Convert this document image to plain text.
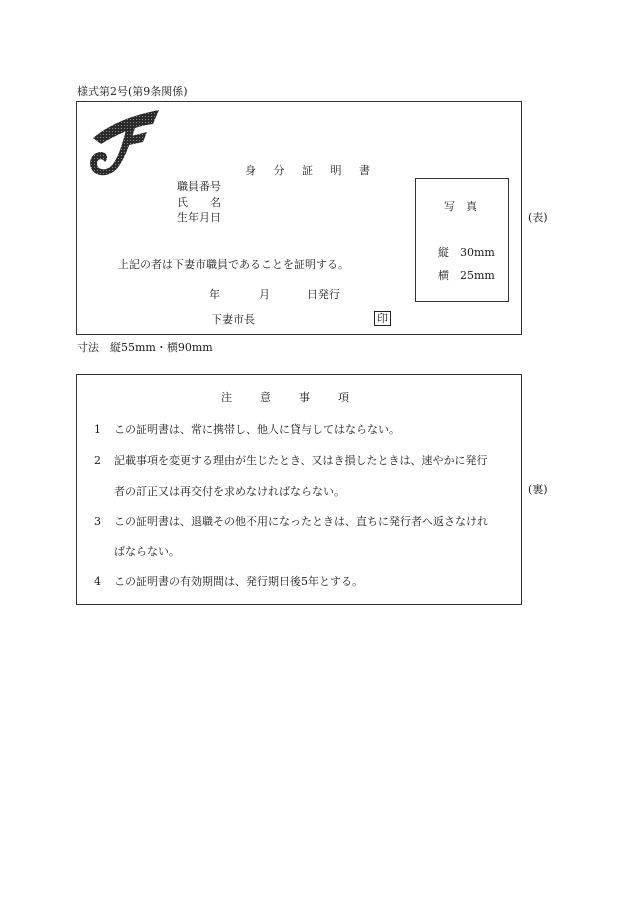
様式第2号(第9条関係)
身 分 証 明 書
職員番号
氏　　名
生年月日
上記の者は下妻市職員であることを証明する。
年	月	日発行
下妻市長	印
写　真
縦　30mm
横　25mm
(表)
寸法　縦55mm・横90mm
注　　意　　事　　項
1 この証明書は、常に携帯し、他人に貸与してはならない。
2 記載事項を変更する理由が生じたとき、又はき損したときは、速やかに発行
者の訂正又は再交付を求めなければならない。
3 この証明書は、退職その他不用になったときは、直ちに発行者へ返さなけれ
ばならない。
4 この証明書の有効期間は、発行期日後5年とする。
(裏)
